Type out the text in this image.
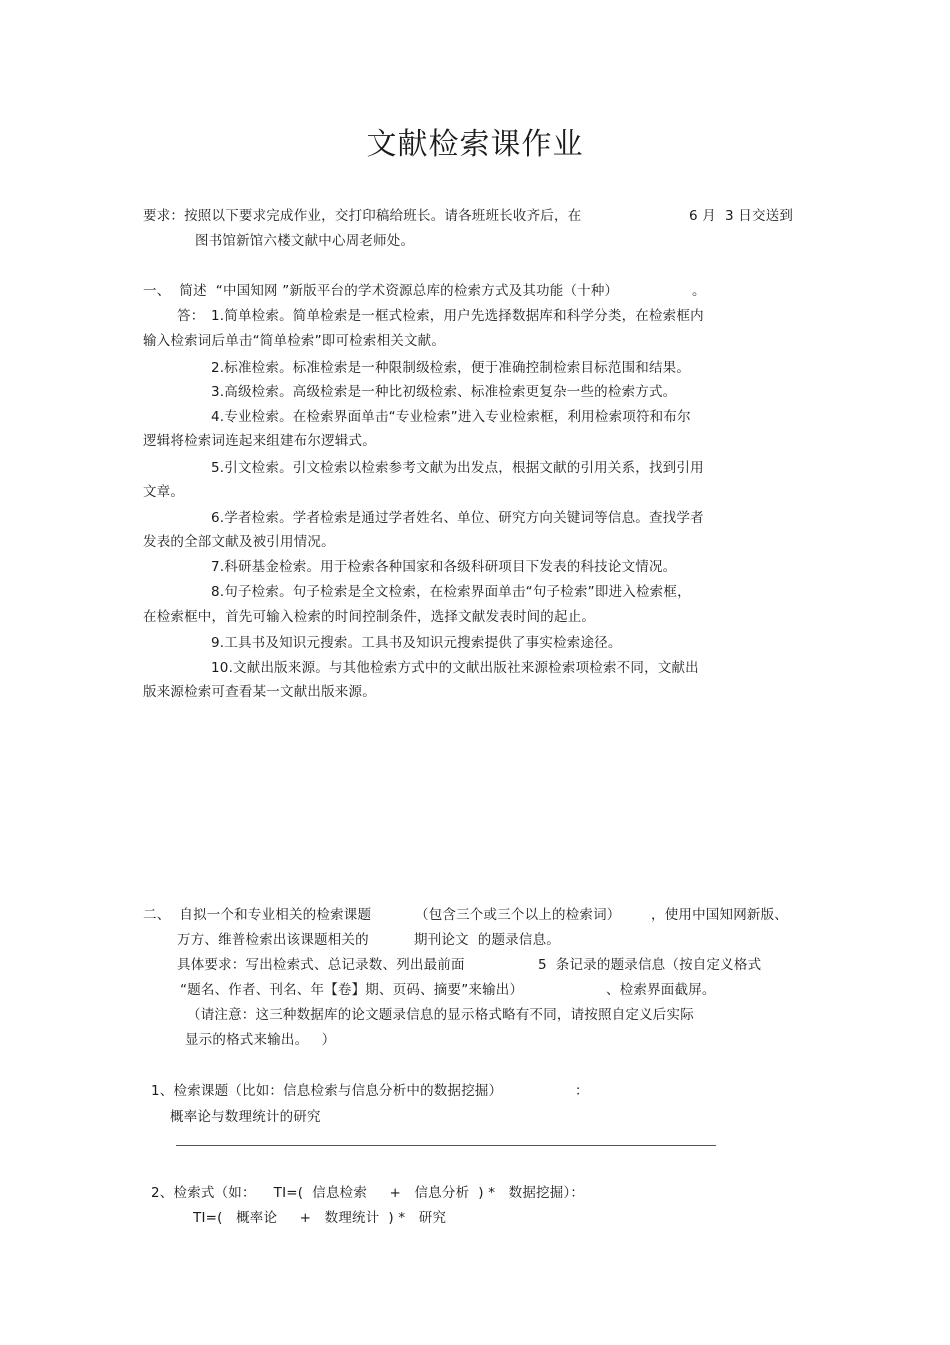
文献检索课作业
要求：按照以下要求完成作业，交打印稿给班长。请各班班长收齐后，在	6 月  3 日交送到
图书馆新馆六楼文献中心周老师处。
一、  简述  “中国知网 ”新版平台的学术资源总库的检索方式及其功能（十种）	。
答： 1.简单检索。简单检索是一框式检索，用户先选择数据库和科学分类，在检索框内
输入检索词后单击“简单检索”即可检索相关文献。
2.标准检索。标准检索是一种限制级检索，便于准确控制检索目标范围和结果。
3.高级检索。高级检索是一种比初级检索、标准检索更复杂一些的检索方式。
4.专业检索。在检索界面单击“专业检索”进入专业检索框，利用检索项符和布尔
逻辑将检索词连起来组建布尔逻辑式。
5.引文检索。引文检索以检索参考文献为出发点，根据文献的引用关系，找到引用
文章。
6.学者检索。学者检索是通过学者姓名、单位、研究方向关键词等信息。查找学者
发表的全部文献及被引用情况。
7.科研基金检索。用于检索各种国家和各级科研项目下发表的科技论文情况。
8.句子检索。句子检索是全文检索，在检索界面单击“句子检索”即进入检索框，
在检索框中，首先可输入检索的时间控制条件，选择文献发表时间的起止。
9.工具书及知识元搜索。工具书及知识元搜索提供了事实检索途径。
10.文献出版来源。与其他检索方式中的文献出版社来源检索项检索不同，文献出
版来源检索可查看某一文献出版来源。
二、  自拟一个和专业相关的检索课题	（包含三个或三个以上的检索词） ，使用中国知网新版、
万方、维普检索出该课题相关的	期刊论文  的题录信息。
具体要求：写出检索式、总记录数、列出最前面	5  条记录的题录信息（按自定义格式
“题名、作者、刊名、年【卷】期、页码、摘要”来输出）	、检索界面截屏。
（请注意：这三种数据库的论文题录信息的显示格式略有不同，请按照自定义后实际
显示的格式来输出。   ）
1、检索课题（比如：信息检索与信息分析中的数据挖掘）	：
概率论与数理统计的研究
2、检索式（如：    TI=(  信息检索     +   信息分析  ) *   数据挖掘）：
TI=(   概率论     +   数理统计  ) *   研究
